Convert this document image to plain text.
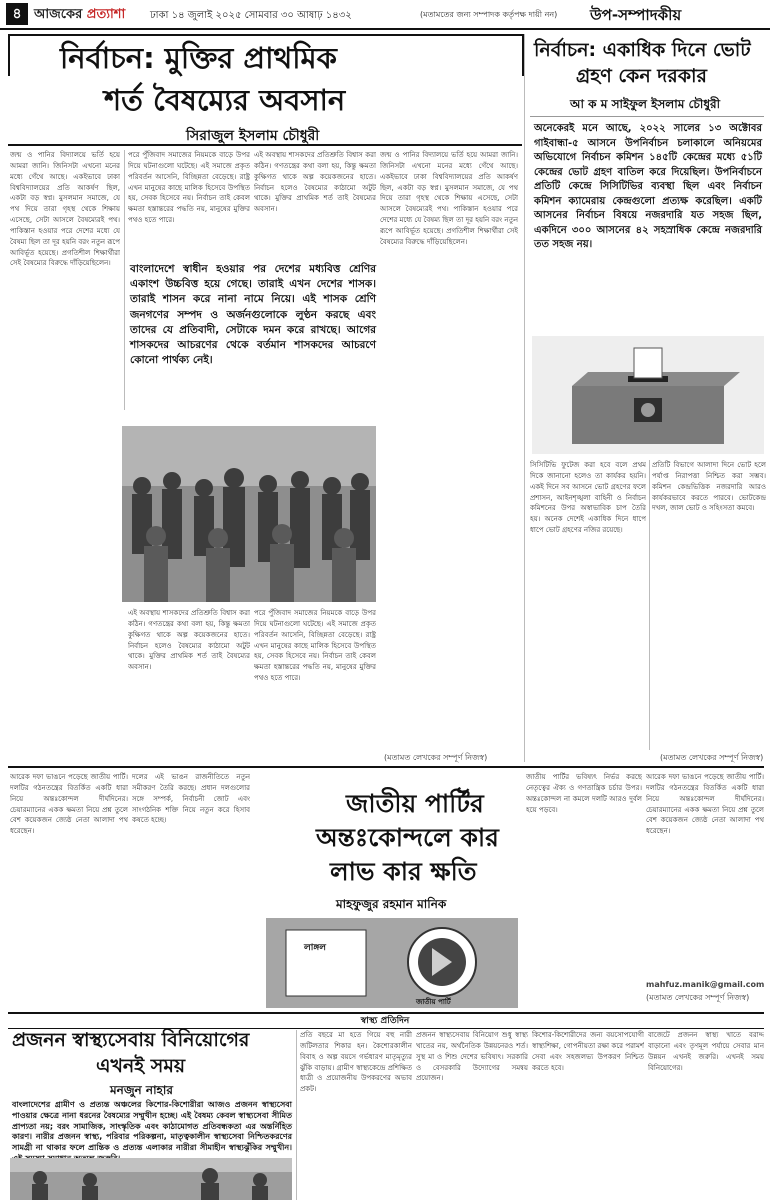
৪ আজকের প্রত্যাশা ঢাকা ১৪ জুলাই ২০২৫ সোমবার ৩০ আষাঢ় ১৪৩২	(মতামতের জন্য সম্পাদক কর্তৃপক্ষ দায়ী নন) উপ-সম্পাদকীয়
নির্বাচন: মুক্তির প্রাথমিক
শর্ত বৈষম্যের অবসান
সিরাজুল ইসলাম চৌধুরী
জন্ম ও পানির বিদ্যালয়ে ভর্তি হয়ে আমরা জানি। জিনিসটা এখনো মনের মধ্যে গেঁথে আছে। একইভাবে ঢাকা বিশ্ববিদ্যালয়ের প্রতি আকর্ষণ ছিল, একটা বড় স্বপ্ন। মুসলমান সমাজে, যে পথ দিয়ে তারা গৃহস্থ থেকে শিক্ষায় এসেছে, সেটা আসলে বৈষম্যেরই পথ। পাকিস্তান হওয়ার পরে দেশের মধ্যে যে বৈষম্য ছিল তা দূর হয়নি বরং নতুন রূপে আবির্ভূত হয়েছে। প্রগতিশীল শিক্ষার্থীরা সেই বৈষম্যের বিরুদ্ধে দাঁড়িয়েছিলেন।
পরে পুঁজিবাদ সমাজের নিয়মকে বাড়ে উপর দিয়ে ঘটনাগুলো ঘটেছে। এই সমাজে প্রকৃত পরিবর্তন আসেনি, বিচ্ছিন্নতা বেড়েছে। রাষ্ট্র এখন মানুষের কাছে মালিক হিসেবে উপস্থিত হয়, সেবক হিসেবে নয়। নির্বাচন তাই কেবল ক্ষমতা হস্তান্তরের পদ্ধতি নয়, মানুষের মুক্তির পথও হতে পারে।
এই অবস্থায় শাসকদের প্রতিশ্রুতি বিশ্বাস করা কঠিন। গণতন্ত্রের কথা বলা হয়, কিন্তু ক্ষমতা কুক্ষিগত থাকে অল্প কয়েকজনের হাতে। নির্বাচন হলেও বৈষম্যের কাঠামো অটুট থাকে। মুক্তির প্রাথমিক শর্ত তাই বৈষম্যের অবসান।
জন্ম ও পানির বিদ্যালয়ে ভর্তি হয়ে আমরা জানি। জিনিসটা এখনো মনের মধ্যে গেঁথে আছে। একইভাবে ঢাকা বিশ্ববিদ্যালয়ের প্রতি আকর্ষণ ছিল, একটা বড় স্বপ্ন। মুসলমান সমাজে, যে পথ দিয়ে তারা গৃহস্থ থেকে শিক্ষায় এসেছে, সেটা আসলে বৈষম্যেরই পথ। পাকিস্তান হওয়ার পরে দেশের মধ্যে যে বৈষম্য ছিল তা দূর হয়নি বরং নতুন রূপে আবির্ভূত হয়েছে। প্রগতিশীল শিক্ষার্থীরা সেই বৈষম্যের বিরুদ্ধে দাঁড়িয়েছিলেন।
বাংলাদেশে স্বাধীন হওয়ার পর দেশের মধ্যবিত্ত শ্রেণির একাংশ উচ্চবিত্ত হয়ে গেছে। তারাই এখন দেশের শাসক। তারাই শাসন করে নানা নামে নিয়ে। এই শাসক শ্রেণি জনগণের সম্পদ ও অর্জনগুলোকে লুণ্ঠন করছে এবং তাদের যে প্রতিবাদী, সেটাকে দমন করে রাখছে। আগের শাসকদের আচরণের থেকে বর্তমান শাসকদের আচরণে কোনো পার্থক্য নেই।
এই অবস্থায় শাসকদের প্রতিশ্রুতি বিশ্বাস করা কঠিন। গণতন্ত্রের কথা বলা হয়, কিন্তু ক্ষমতা কুক্ষিগত থাকে অল্প কয়েকজনের হাতে। নির্বাচন হলেও বৈষম্যের কাঠামো অটুট থাকে। মুক্তির প্রাথমিক শর্ত তাই বৈষম্যের অবসান।
পরে পুঁজিবাদ সমাজের নিয়মকে বাড়ে উপর দিয়ে ঘটনাগুলো ঘটেছে। এই সমাজে প্রকৃত পরিবর্তন আসেনি, বিচ্ছিন্নতা বেড়েছে। রাষ্ট্র এখন মানুষের কাছে মালিক হিসেবে উপস্থিত হয়, সেবক হিসেবে নয়। নির্বাচন তাই কেবল ক্ষমতা হস্তান্তরের পদ্ধতি নয়, মানুষের মুক্তির পথও হতে পারে।
(মতামত লেখকের সম্পূর্ণ নিজস্ব)
নির্বাচন: একাধিক দিনে ভোট
গ্রহণ কেন দরকার
আ ক ম সাইফুল ইসলাম চৌধুরী
অনেকেরই মনে আছে, ২০২২ সালের ১৩ অক্টোবর গাইবান্ধা-৫ আসনে উপনির্বাচন চলাকালে অনিয়মের অভিযোগে নির্বাচন কমিশন ১৪৫টি কেন্দ্রের মধ্যে ৫১টি কেন্দ্রের ভোট গ্রহণ বাতিল করে দিয়েছিল। উপনির্বাচনে প্রতিটি কেন্দ্রে সিসিটিভির ব্যবস্থা ছিল এবং নির্বাচন কমিশন ক্যামেরায় কেন্দ্রগুলো প্রত্যক্ষ করেছিল। একটি আসনের নির্বাচন বিষয়ে নজরদারি যত সহজ ছিল, একদিনে ৩০০ আসনের ৪২ সহস্রাধিক কেন্দ্রে নজরদারি তত সহজ নয়।
সিসিটিভি ফুটেজ করা হবে বলে প্রথম দিকে জানানো হলেও তা কার্যকর হয়নি। একই দিনে সব আসনে ভোট গ্রহণের ফলে প্রশাসন, আইনশৃঙ্খলা বাহিনী ও নির্বাচন কমিশনের উপর অস্বাভাবিক চাপ তৈরি হয়। অনেক দেশেই একাধিক দিনে ধাপে ধাপে ভোট গ্রহণের নজির রয়েছে।
প্রতিটি বিভাগে আলাদা দিনে ভোট হলে পর্যাপ্ত নিরাপত্তা নিশ্চিত করা সম্ভব। কমিশন কেন্দ্রভিত্তিক নজরদারি আরও কার্যকরভাবে করতে পারবে। ভোটকেন্দ্র দখল, জাল ভোট ও সহিংসতা কমবে।
(মতামত লেখকের সম্পূর্ণ নিজস্ব)
আরেক দফা ভাঙনে পড়েছে জাতীয় পার্টি। দলটির গঠনতন্ত্রের বিতর্কিত একটি ধারা নিয়ে অন্তঃকোন্দল দীর্ঘদিনের। চেয়ারম্যানের একক ক্ষমতা নিয়ে প্রশ্ন তুলে বেশ কয়েকজন জ্যেষ্ঠ নেতা আলাদা পথ ধরেছেন।
দলের এই ভাঙন রাজনীতিতে নতুন সমীকরণ তৈরি করছে। প্রধান দলগুলোর সঙ্গে সম্পর্ক, নির্বাচনী জোট এবং সাংগঠনিক শক্তি নিয়ে নতুন করে হিসাব কষতে হচ্ছে।
জাতীয় পার্টির
অন্তঃকোন্দলে কার
লাভ কার ক্ষতি
মাহফুজুর রহমান মানিক
লাঙ্গল
জাতীয় পার্টি
জাতীয় পার্টির ভবিষ্যৎ নির্ভর করছে নেতৃত্বের ঐক্য ও গণতান্ত্রিক চর্চার উপর। অন্তঃকোন্দল না কমলে দলটি আরও দুর্বল হয়ে পড়বে।
আরেক দফা ভাঙনে পড়েছে জাতীয় পার্টি। দলটির গঠনতন্ত্রের বিতর্কিত একটি ধারা নিয়ে অন্তঃকোন্দল দীর্ঘদিনের। চেয়ারম্যানের একক ক্ষমতা নিয়ে প্রশ্ন তুলে বেশ কয়েকজন জ্যেষ্ঠ নেতা আলাদা পথ ধরেছেন।
mahfuz.manik@gmail.com
(মতামত লেখকের সম্পূর্ণ নিজস্ব)
স্বাস্থ্য প্রতিদিন
প্রজনন স্বাস্থ্যসেবায় বিনিয়োগের
এখনই সময়
মনজুন নাহার
বাংলাদেশের গ্রামীণ ও প্রত্যন্ত অঞ্চলের কিশোর-কিশোরীরা আজও প্রজনন স্বাস্থ্যসেবা পাওয়ার ক্ষেত্রে নানা ধরনের বৈষম্যের সম্মুখীন হচ্ছে। এই বৈষম্য কেবল স্বাস্থ্যসেবা সীমিত প্রাপ্যতা নয়; বরং সামাজিক, সাংস্কৃতিক এবং কাঠামোগত প্রতিবন্ধকতা এর অন্তর্নিহিত কারণ। নারীর প্রজনন স্বাস্থ্য, পরিবার পরিকল্পনা, মাতৃত্বকালীন স্বাস্থ্যসেবা নিশ্চিতকরণের সামগ্রী না থাকার ফলে প্রান্তিক ও প্রত্যন্ত এলাকার নারীরা সীমাহীন স্বাস্থ্যঝুঁকির সম্মুখীন।
প্রতি বছরে মা হতে গিয়ে বহু নারী জটিলতার শিকার হন। কৈশোরকালীন বিবাহ ও অল্প বয়সে গর্ভধারণ মাতৃমৃত্যুর ঝুঁকি বাড়ায়। গ্রামীণ স্বাস্থ্যকেন্দ্রে প্রশিক্ষিত ধাত্রী ও প্রয়োজনীয় উপকরণের অভাব প্রকট।
প্রজনন স্বাস্থ্যসেবায় বিনিয়োগ শুধু স্বাস্থ্য খাতের নয়, অর্থনৈতিক উন্নয়নেরও শর্ত। সুস্থ মা ও শিশু দেশের ভবিষ্যৎ। সরকারি ও বেসরকারি উদ্যোগের সমন্বয় প্রয়োজন।
কিশোর-কিশোরীদের জন্য বয়সোপযোগী স্বাস্থ্যশিক্ষা, গোপনীয়তা রক্ষা করে পরামর্শ সেবা এবং সহজলভ্য উপকরণ নিশ্চিত করতে হবে।
বাজেটে প্রজনন স্বাস্থ্য খাতে বরাদ্দ বাড়ানো এবং তৃণমূল পর্যায়ে সেবার মান উন্নয়ন এখনই জরুরি। এখনই সময় বিনিয়োগের।
